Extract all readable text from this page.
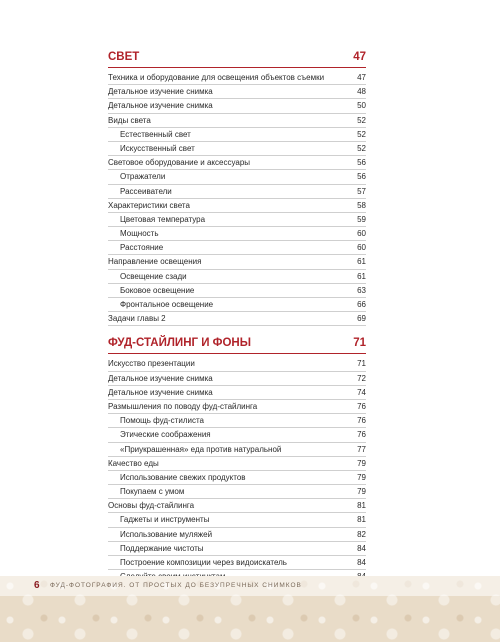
СВЕТ	47
Техника и оборудование для освещения объектов съемки	47
Детальное изучение снимка	48
Детальное изучение снимка	50
Виды света	52
Естественный свет	52
Искусственный свет	52
Световое оборудование и аксессуары	56
Отражатели	56
Рассеиватели	57
Характеристики света	58
Цветовая температура	59
Мощность	60
Расстояние	60
Направление освещения	61
Освещение сзади	61
Боковое освещение	63
Фронтальное освещение	66
Задачи главы 2	69
ФУД-СТАЙЛИНГ И ФОНЫ	71
Искусство презентации	71
Детальное изучение снимка	72
Детальное изучение снимка	74
Размышления по поводу фуд-стайлинга	76
Помощь фуд-стилиста	76
Этические соображения	76
«Приукрашенная» еда против натуральной	77
Качество еды	79
Использование свежих продуктов	79
Покупаем с умом	79
Основы фуд-стайлинга	81
Гаджеты и инструменты	81
Использование муляжей	82
Поддержание чистоты	84
Построение композиции через видоискатель	84
6 ФУД-ФОТОГРАФИЯ. ОТ ПРОСТЫХ ДО БЕЗУПРЕЧНЫХ СНИМКОВ
